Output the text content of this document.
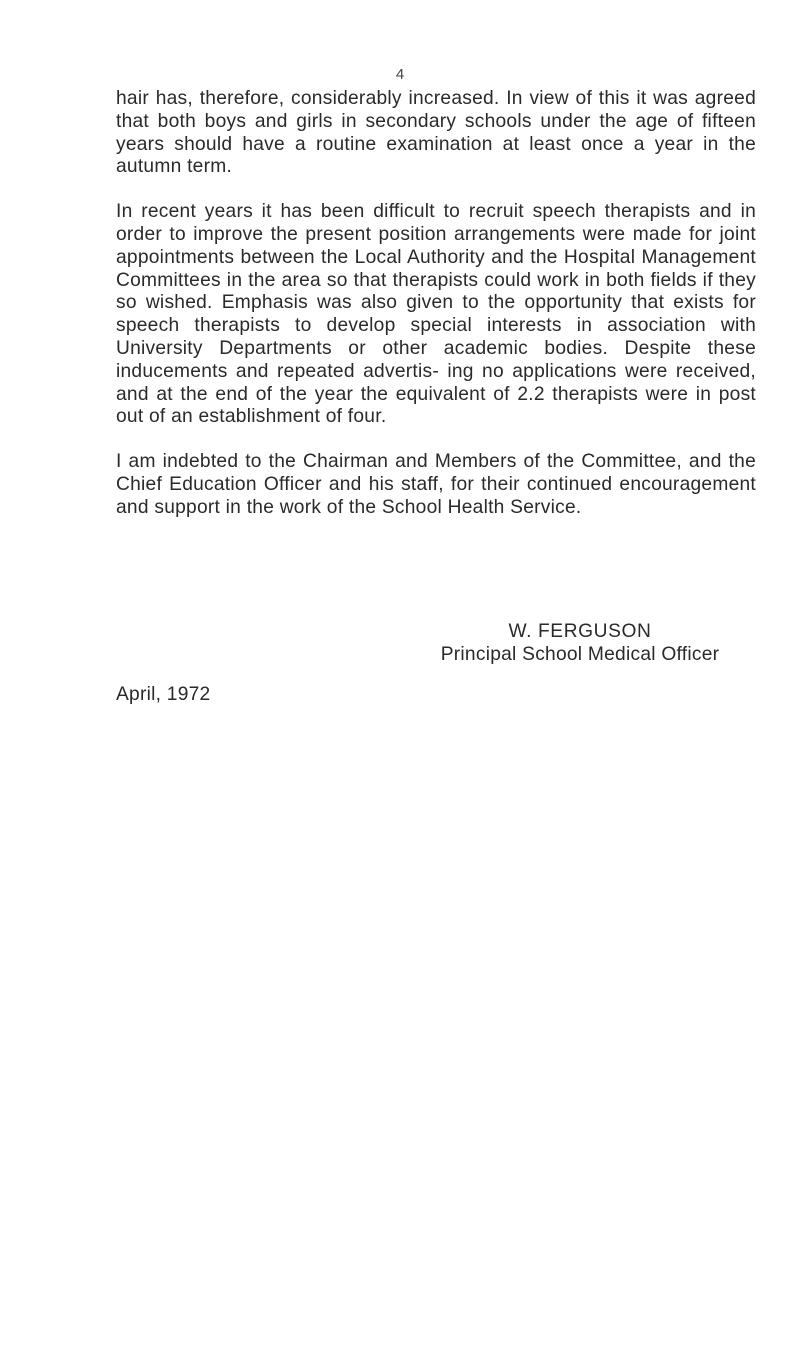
4

hair has, therefore, considerably increased. In view of this it was agreed that both boys and girls in secondary schools under the age of fifteen years should have a routine examination at least once a year in the autumn term.

In recent years it has been difficult to recruit speech therapists and in order to improve the present position arrangements were made for joint appointments between the Local Authority and the Hospital Management Committees in the area so that therapists could work in both fields if they so wished. Emphasis was also given to the opportunity that exists for speech therapists to develop special interests in association with University Departments or other academic bodies. Despite these inducements and repeated advertis- ing no applications were received, and at the end of the year the equivalent of 2.2 therapists were in post out of an establishment of four.

I am indebted to the Chairman and Members of the Committee, and the Chief Education Officer and his staff, for their continued encouragement and support in the work of the School Health Service.

W. FERGUSON
Principal School Medical Officer
April, 1972
